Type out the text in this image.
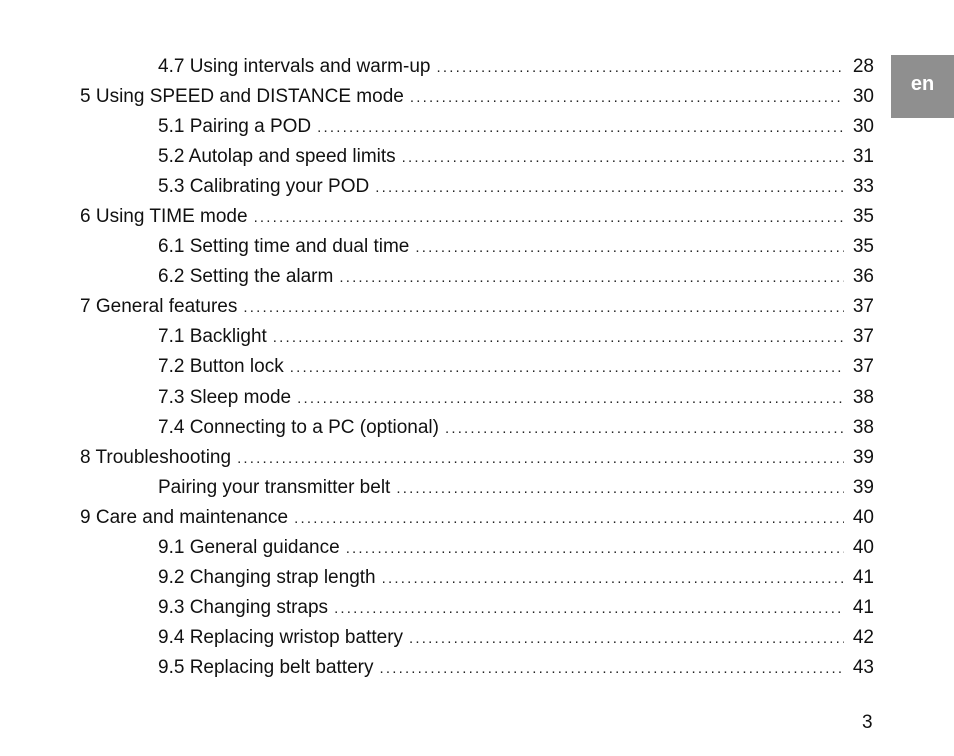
en
4.7 Using intervals and warm-up .....	28
5 Using SPEED and DISTANCE mode .....	30
5.1 Pairing a POD .....	30
5.2 Autolap and speed limits .....	31
5.3 Calibrating your POD .....	33
6 Using TIME mode .....	35
6.1 Setting time and dual time .....	35
6.2 Setting the alarm .....	36
7 General features .....	37
7.1 Backlight .....	37
7.2 Button lock .....	37
7.3 Sleep mode .....	38
7.4 Connecting to a PC (optional) .....	38
8 Troubleshooting .....	39
Pairing your transmitter belt .....	39
9 Care and maintenance .....	40
9.1 General guidance .....	40
9.2 Changing strap length .....	41
9.3 Changing straps .....	41
9.4 Replacing wristop battery .....	42
9.5 Replacing belt battery .....	43
3
